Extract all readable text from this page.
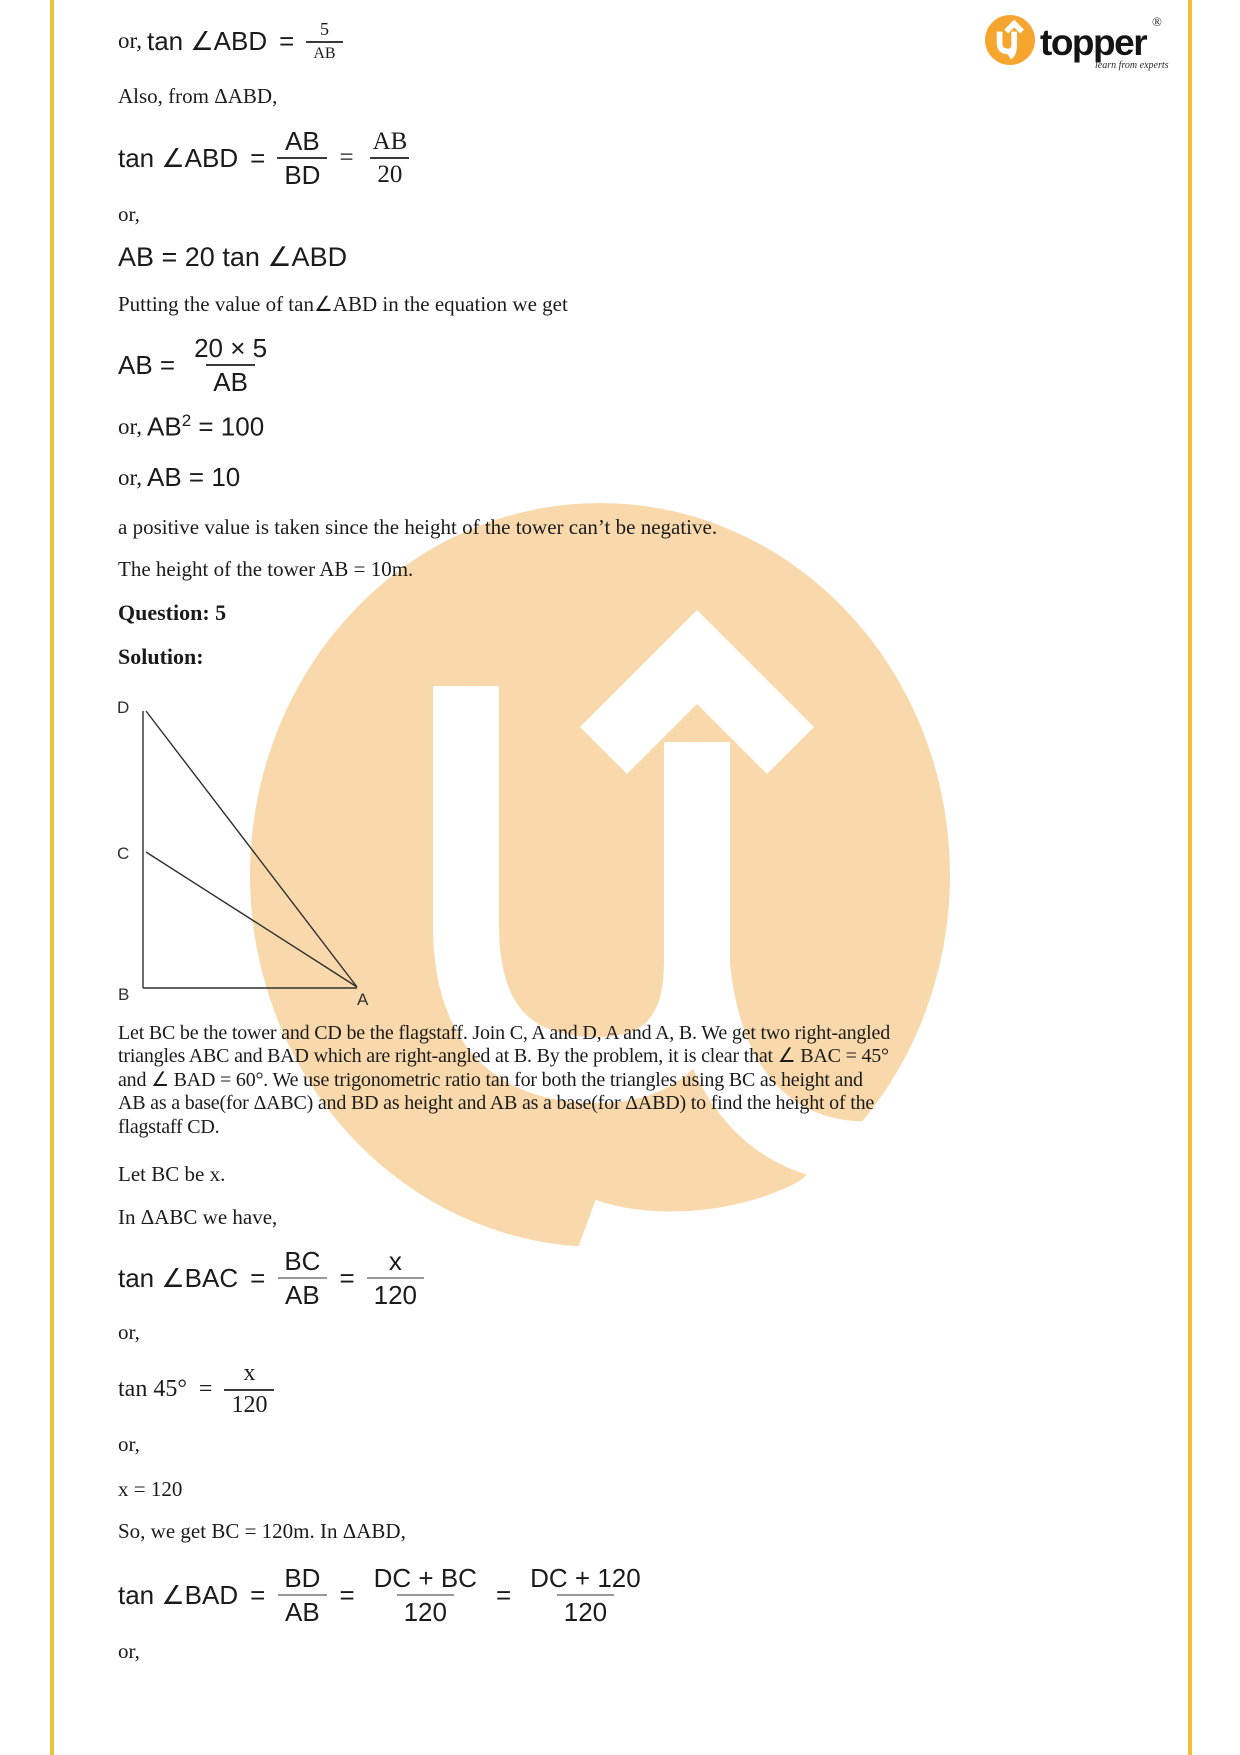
topper
®
learn from experts
or, tan ∠ABD = $\frac{5}{AB}$
Also, from ΔABD,
tan ∠ABD = $\frac{AB}{BD} = \frac{AB}{20}$
or,
AB = 20 tan ∠ABD
Putting the value of tan∠ABD in the equation we get
AB = $\frac{20 \times 5}{AB}$
or, $AB^2 = 100$
or, AB = 10
a positive value is taken since the height of the tower can’t be negative.
The height of the tower AB = 10m.
Question: 5
Solution:
D
C
B	A
Let BC be the tower and CD be the flagstaff. Join C, A and D, A and A, B. We get two right-angled
triangles ABC and BAD which are right-angled at B. By the problem, it is clear that ∠ BAC = 45°
and ∠ BAD = 60°. We use trigonometric ratio tan for both the triangles using BC as height and
AB as a base(for ΔABC) and BD as height and AB as a base(for ΔABD) to find the height of the
flagstaff CD.
Let BC be x.
In ΔABC we have,
tan ∠BAC = $\frac{BC}{AB} = \frac{x}{120}$
or,
$\tan 45^\circ = \frac{x}{120}$
or,
x = 120
So, we get BC = 120m. In ΔABD,
tan ∠BAD = $\frac{BD}{AB} = \frac{DC + BC}{120} = \frac{DC + 120}{120}$
or,
